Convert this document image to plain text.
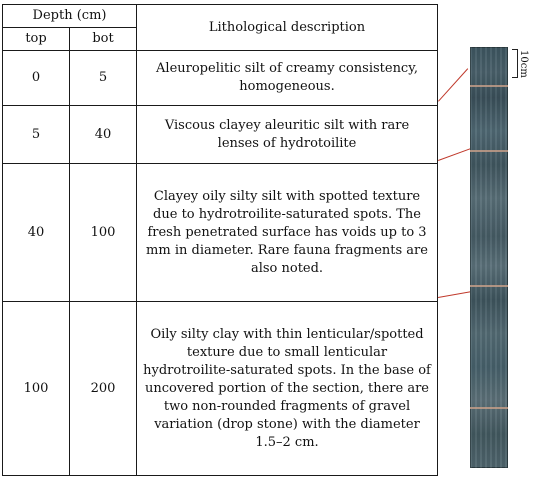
Depth (cm)		Lithological description
top	bot	
0	5	Aleuropelitic silt of creamy consistency, homogeneous.
5	40	Viscous clayey aleuritic silt with rare lenses of hydrotoilite
40	100	Clayey oily silty silt with spotted texture due to hydrotroilite-saturated spots. The fresh penetrated surface has voids up to 3 mm in diameter. Rare fauna fragments are also noted.
100	200	Oily silty clay with thin lenticular/spotted texture due to small lenticular hydrotroilite-saturated spots. In the base of uncovered portion of the section, there are two non-rounded fragments of gravel variation (drop stone) with the diameter 1.5–2 cm.
10cm
